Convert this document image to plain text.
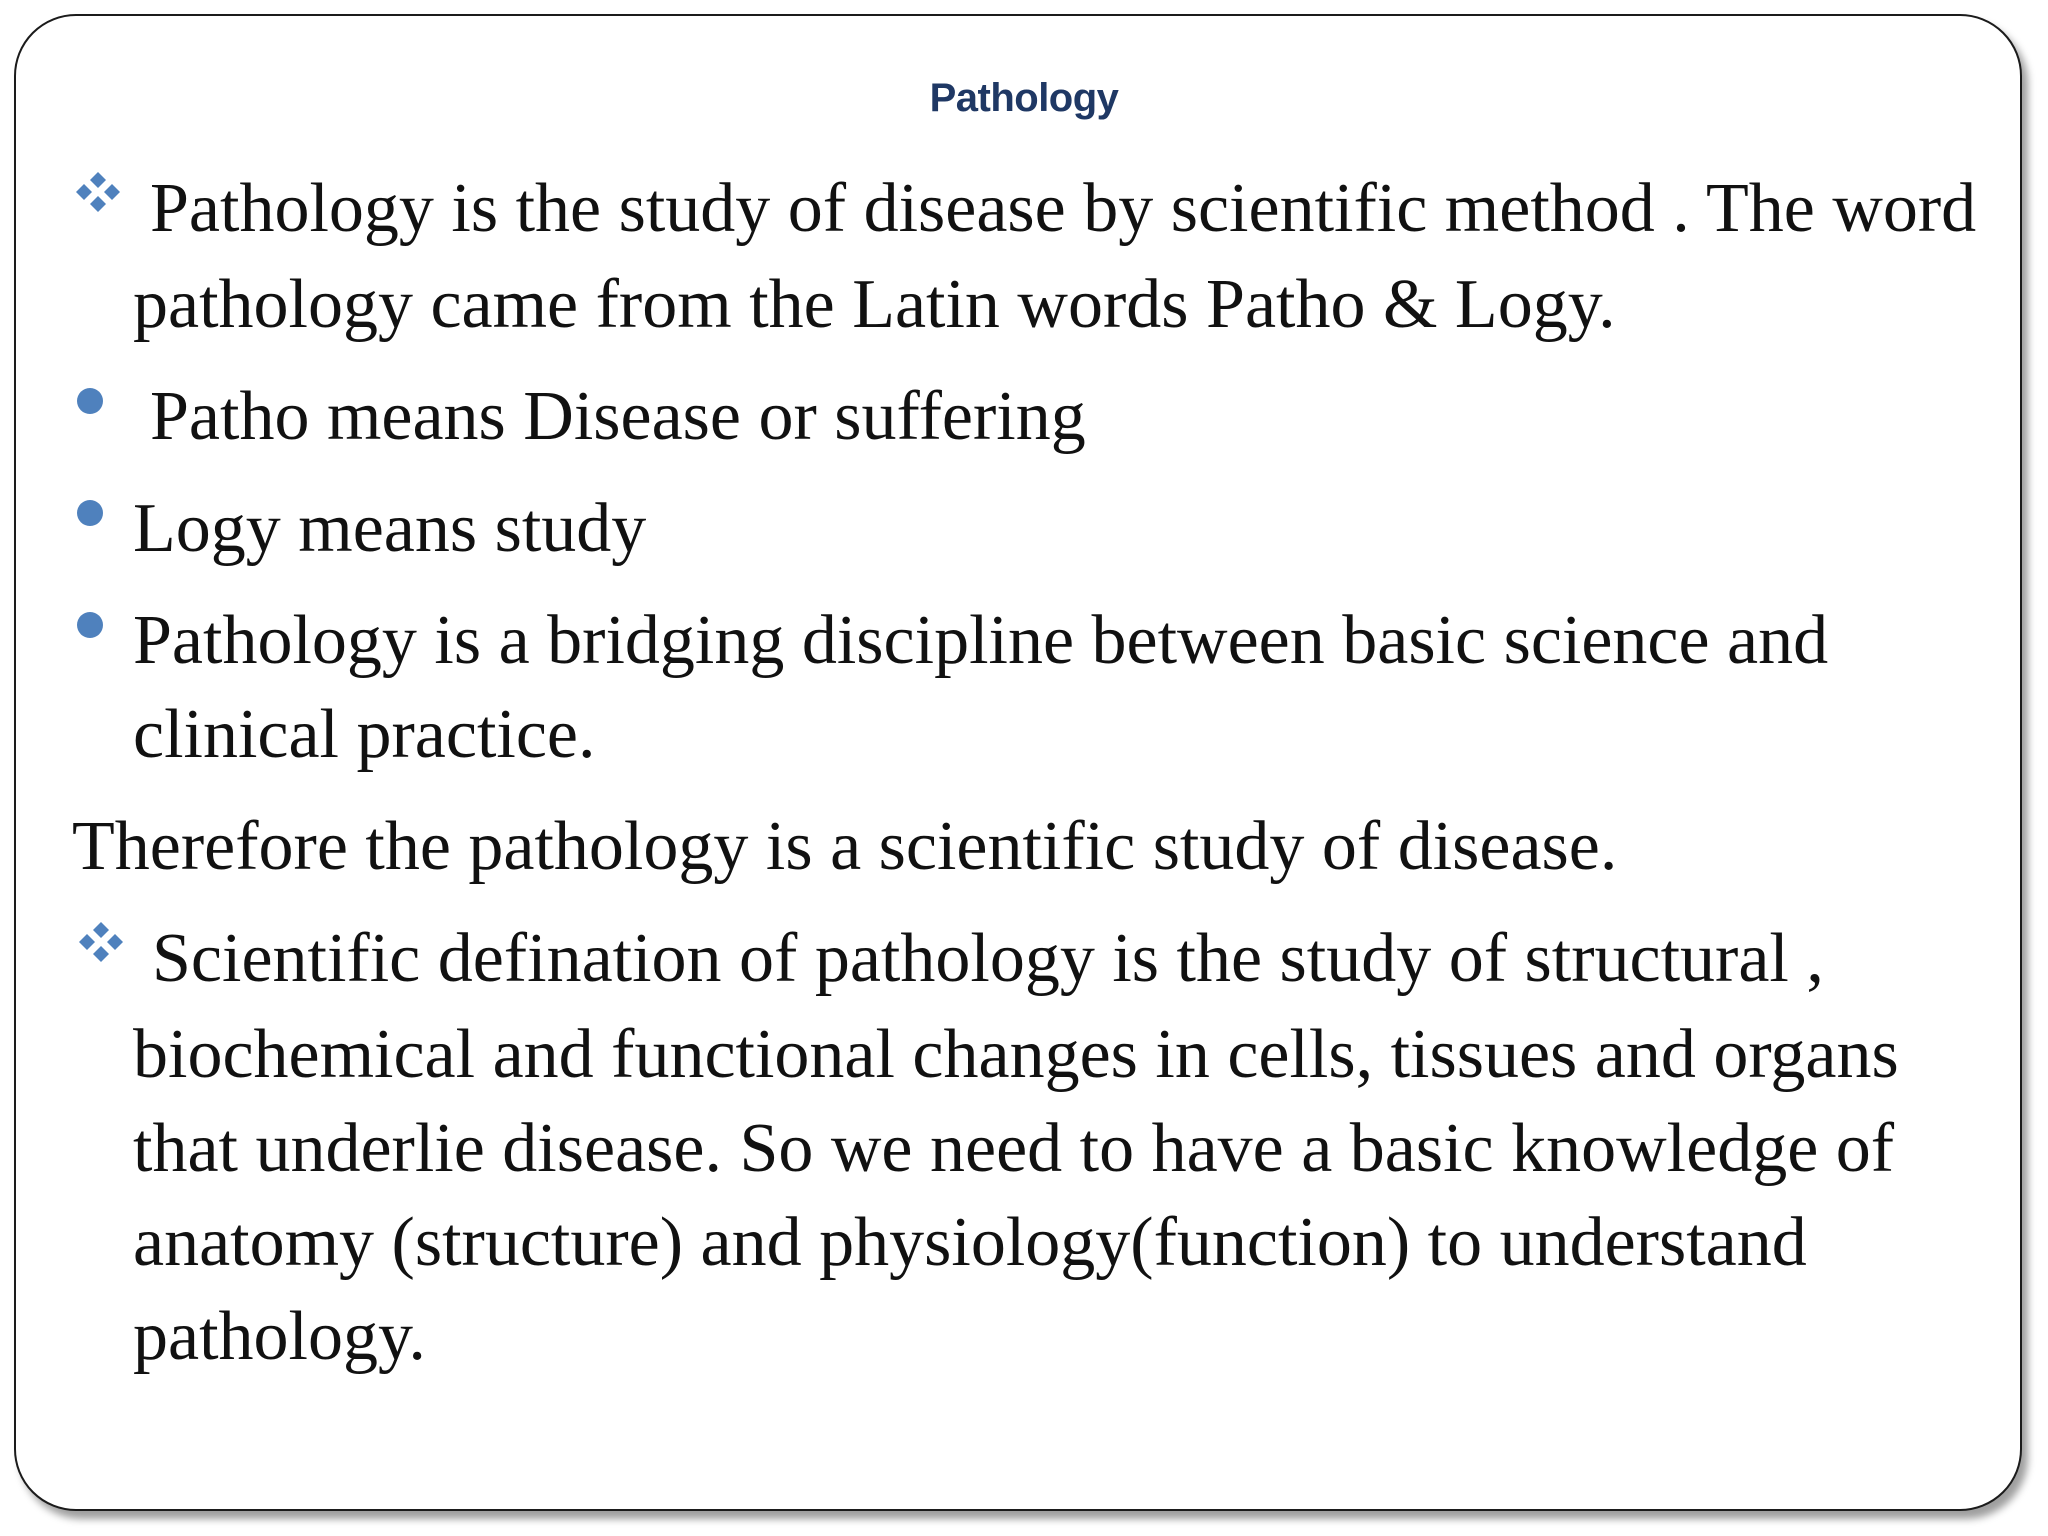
Pathology
Pathology is the study of disease by scientific method . The word
pathology came from the Latin words Patho & Logy.
Patho means Disease or suffering
Logy means study
Pathology is a bridging discipline between basic science and
clinical practice.
Therefore the pathology is a scientific study of disease.
Scientific defination of pathology is the study of structural ,
biochemical and functional changes in cells, tissues and organs
that underlie disease. So we need to have a basic knowledge of
anatomy (structure) and physiology(function) to understand
pathology.
